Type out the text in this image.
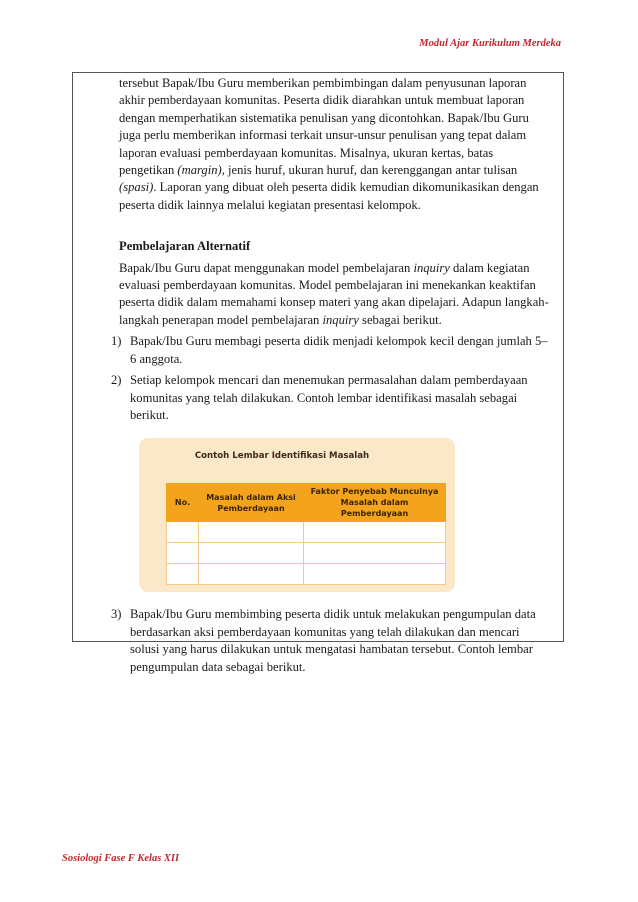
Modul Ajar Kurikulum Merdeka

tersebut Bapak/Ibu Guru memberikan pembimbingan dalam penyusunan laporan akhir pemberdayaan komunitas. Peserta didik diarahkan untuk membuat laporan dengan memperhatikan sistematika penulisan yang dicontohkan. Bapak/Ibu Guru juga perlu memberikan informasi terkait unsur-unsur penulisan yang tepat dalam laporan evaluasi pemberdayaan komunitas. Misalnya, ukuran kertas, batas pengetikan (margin), jenis huruf, ukuran huruf, dan kerenggangan antar tulisan (spasi). Laporan yang dibuat oleh peserta didik kemudian dikomunikasikan dengan peserta didik lainnya melalui kegiatan presentasi kelompok.

Pembelajaran Alternatif

Bapak/Ibu Guru dapat menggunakan model pembelajaran inquiry dalam kegiatan evaluasi pemberdayaan komunitas. Model pembelajaran ini menekankan keaktifan peserta didik dalam memahami konsep materi yang akan dipelajari. Adapun langkah-langkah penerapan model pembelajaran inquiry sebagai berikut.

1) Bapak/Ibu Guru membagi peserta didik menjadi kelompok kecil dengan jumlah 5–6 anggota.
2) Setiap kelompok mencari dan menemukan permasalahan dalam pemberdayaan komunitas yang telah dilakukan. Contoh lembar identifikasi masalah sebagai berikut.
Contoh Lembar Identifikasi Masalah
No.	Masalah dalam Aksi Pemberdayaan	Faktor Penyebab Munculnya Masalah dalam Pemberdayaan

3) Bapak/Ibu Guru membimbing peserta didik untuk melakukan pengumpulan data berdasarkan aksi pemberdayaan komunitas yang telah dilakukan dan mencari solusi yang harus dilakukan untuk mengatasi hambatan tersebut. Contoh lembar pengumpulan data sebagai berikut.
Sosiologi Fase F Kelas XII
